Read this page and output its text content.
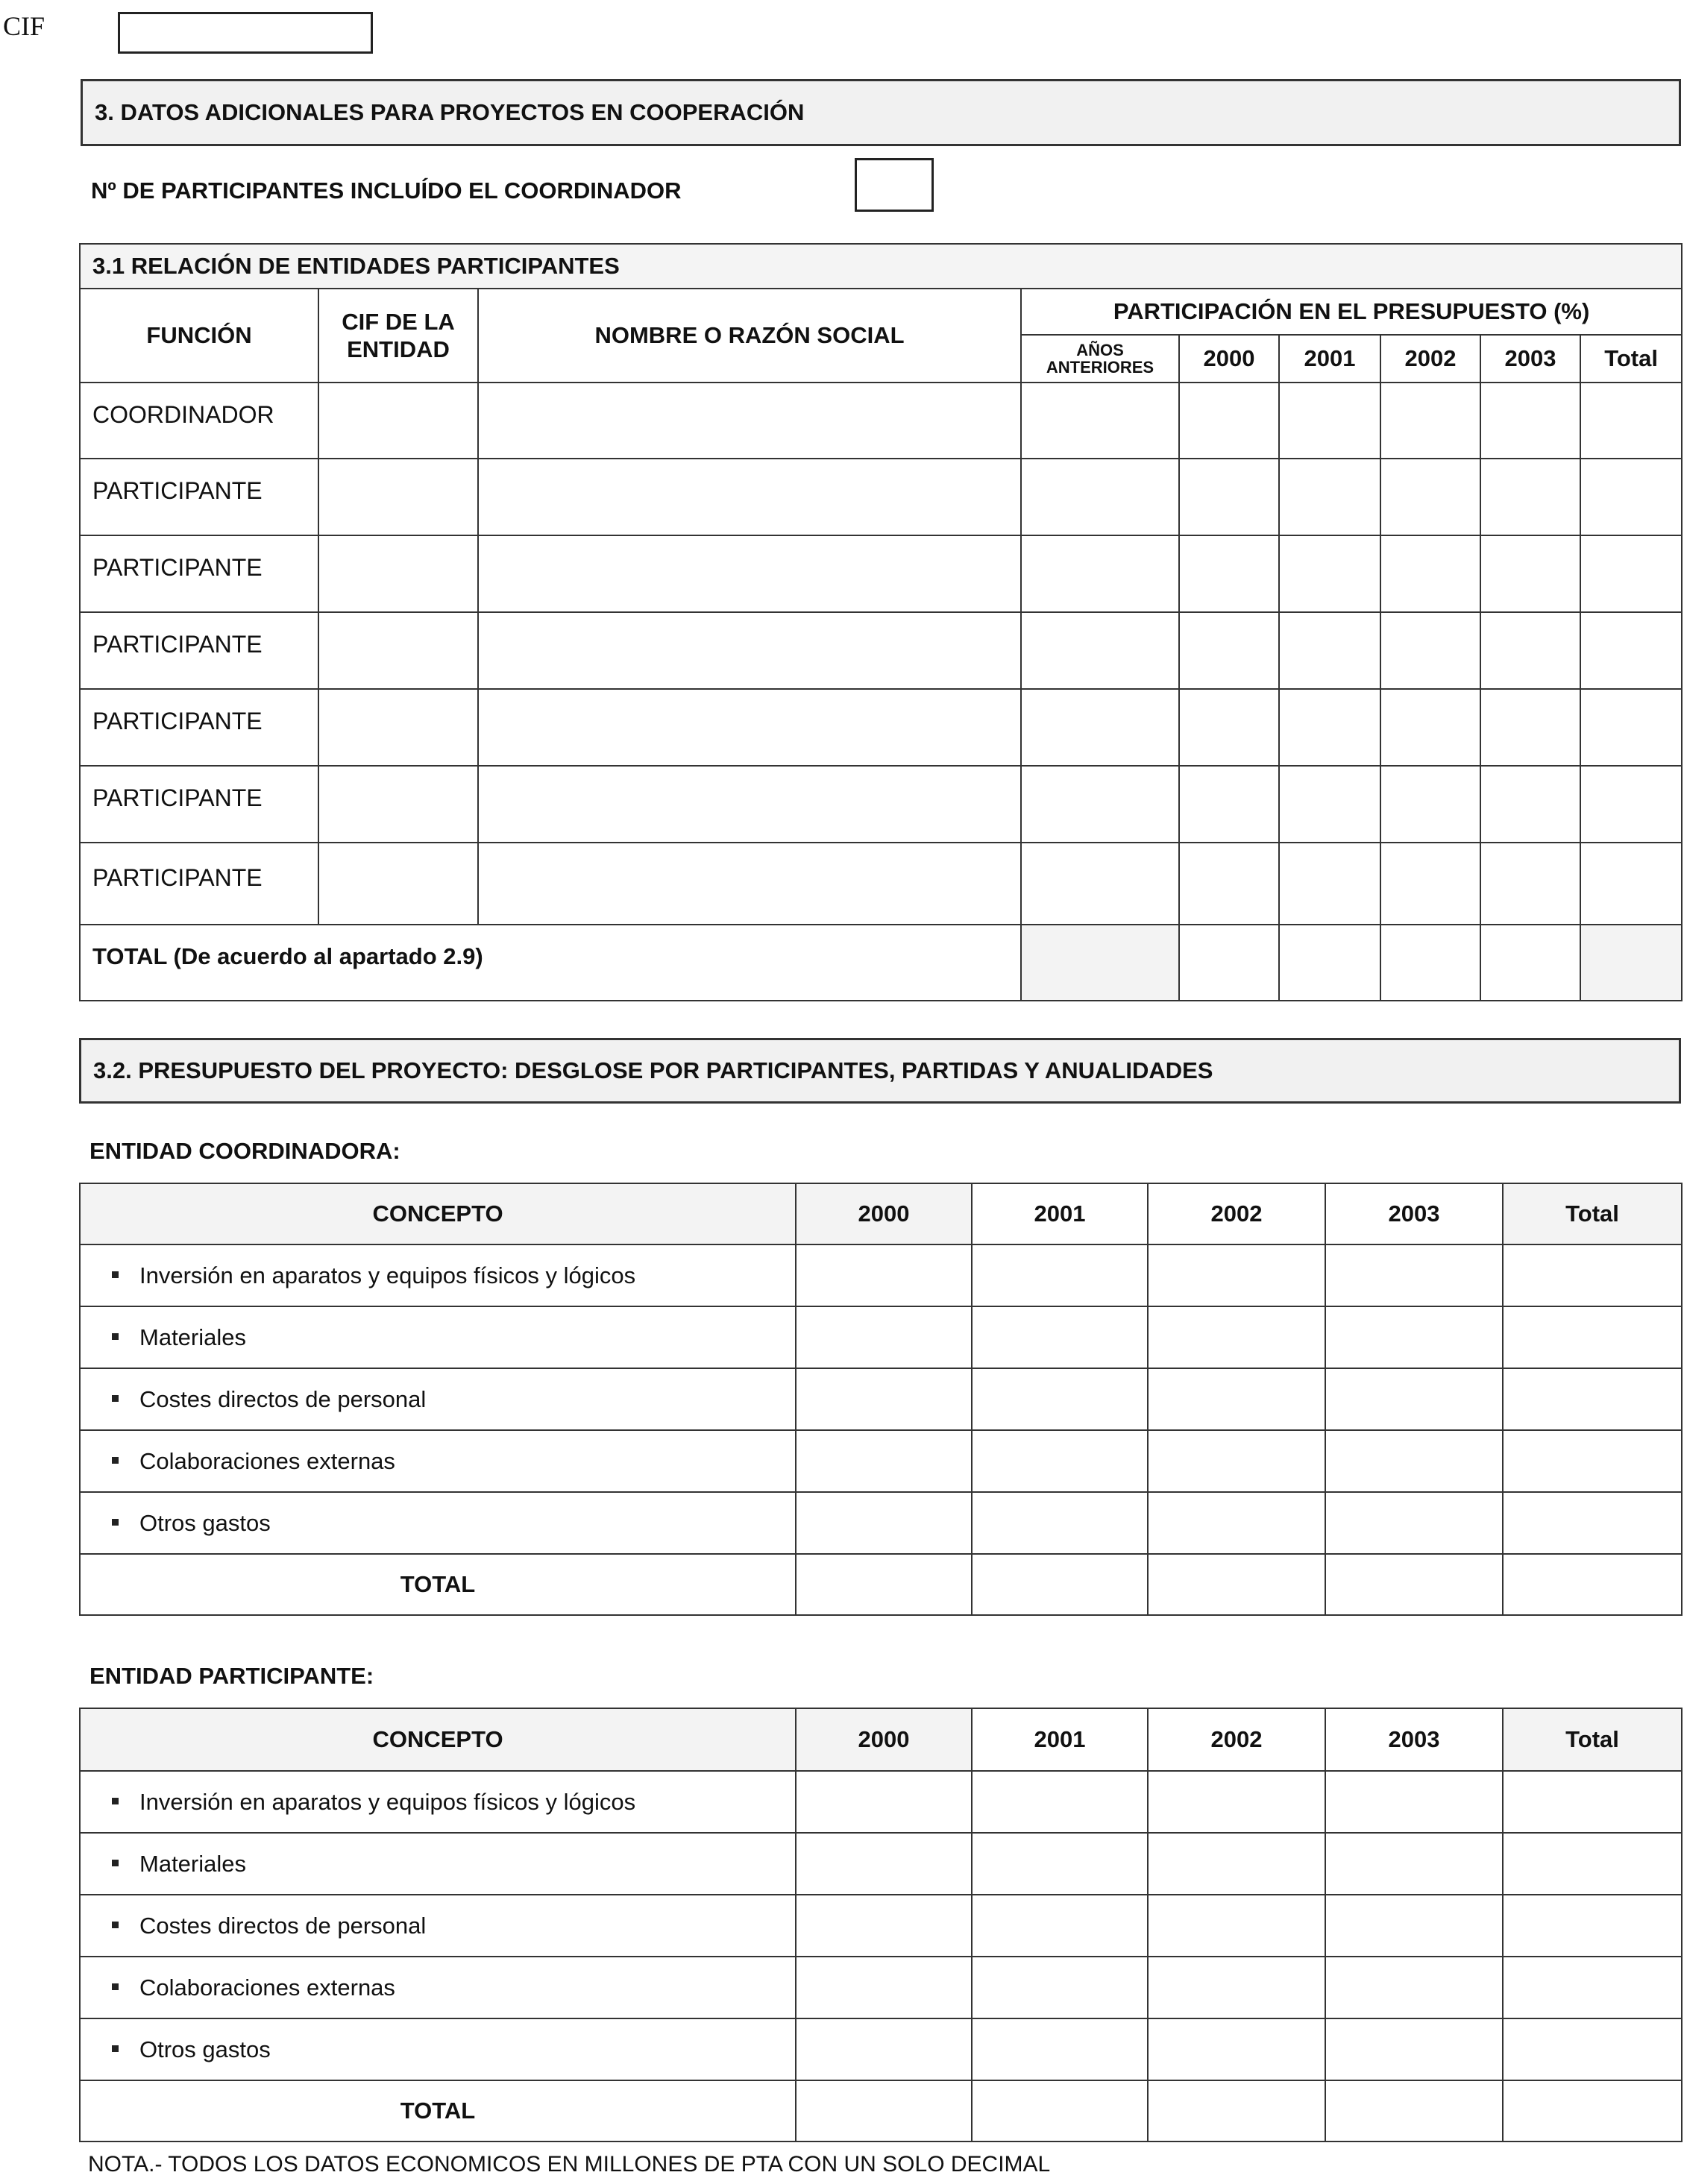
CIF
3. DATOS ADICIONALES PARA PROYECTOS EN COOPERACIÓN
Nº DE PARTICIPANTES INCLUÍDO EL COORDINADOR
3.1 RELACIÓN DE ENTIDADES PARTICIPANTES								
FUNCIÓN	CIF DE LA ENTIDAD	NOMBRE O RAZÓN SOCIAL	PARTICIPACIÓN EN EL PRESUPUESTO (%)					
			AÑOS ANTERIORES	2000	2001	2002	2003	Total
COORDINADOR								
PARTICIPANTE								
PARTICIPANTE								
PARTICIPANTE								
PARTICIPANTE								
PARTICIPANTE								
PARTICIPANTE								
TOTAL (De acuerdo al apartado 2.9)								
3.2. PRESUPUESTO DEL PROYECTO: DESGLOSE POR PARTICIPANTES, PARTIDAS Y ANUALIDADES
ENTIDAD COORDINADORA:
CONCEPTO	2000	2001	2002	2003	Total
Inversión en aparatos y equipos físicos y lógicos					
Materiales					
Costes directos de personal					
Colaboraciones externas					
Otros gastos					
TOTAL					
ENTIDAD PARTICIPANTE:
CONCEPTO	2000	2001	2002	2003	Total
Inversión en aparatos y equipos físicos y lógicos					
Materiales					
Costes directos de personal					
Colaboraciones externas					
Otros gastos					
TOTAL					
NOTA.- TODOS LOS DATOS ECONOMICOS EN MILLONES DE PTA CON UN SOLO DECIMAL
